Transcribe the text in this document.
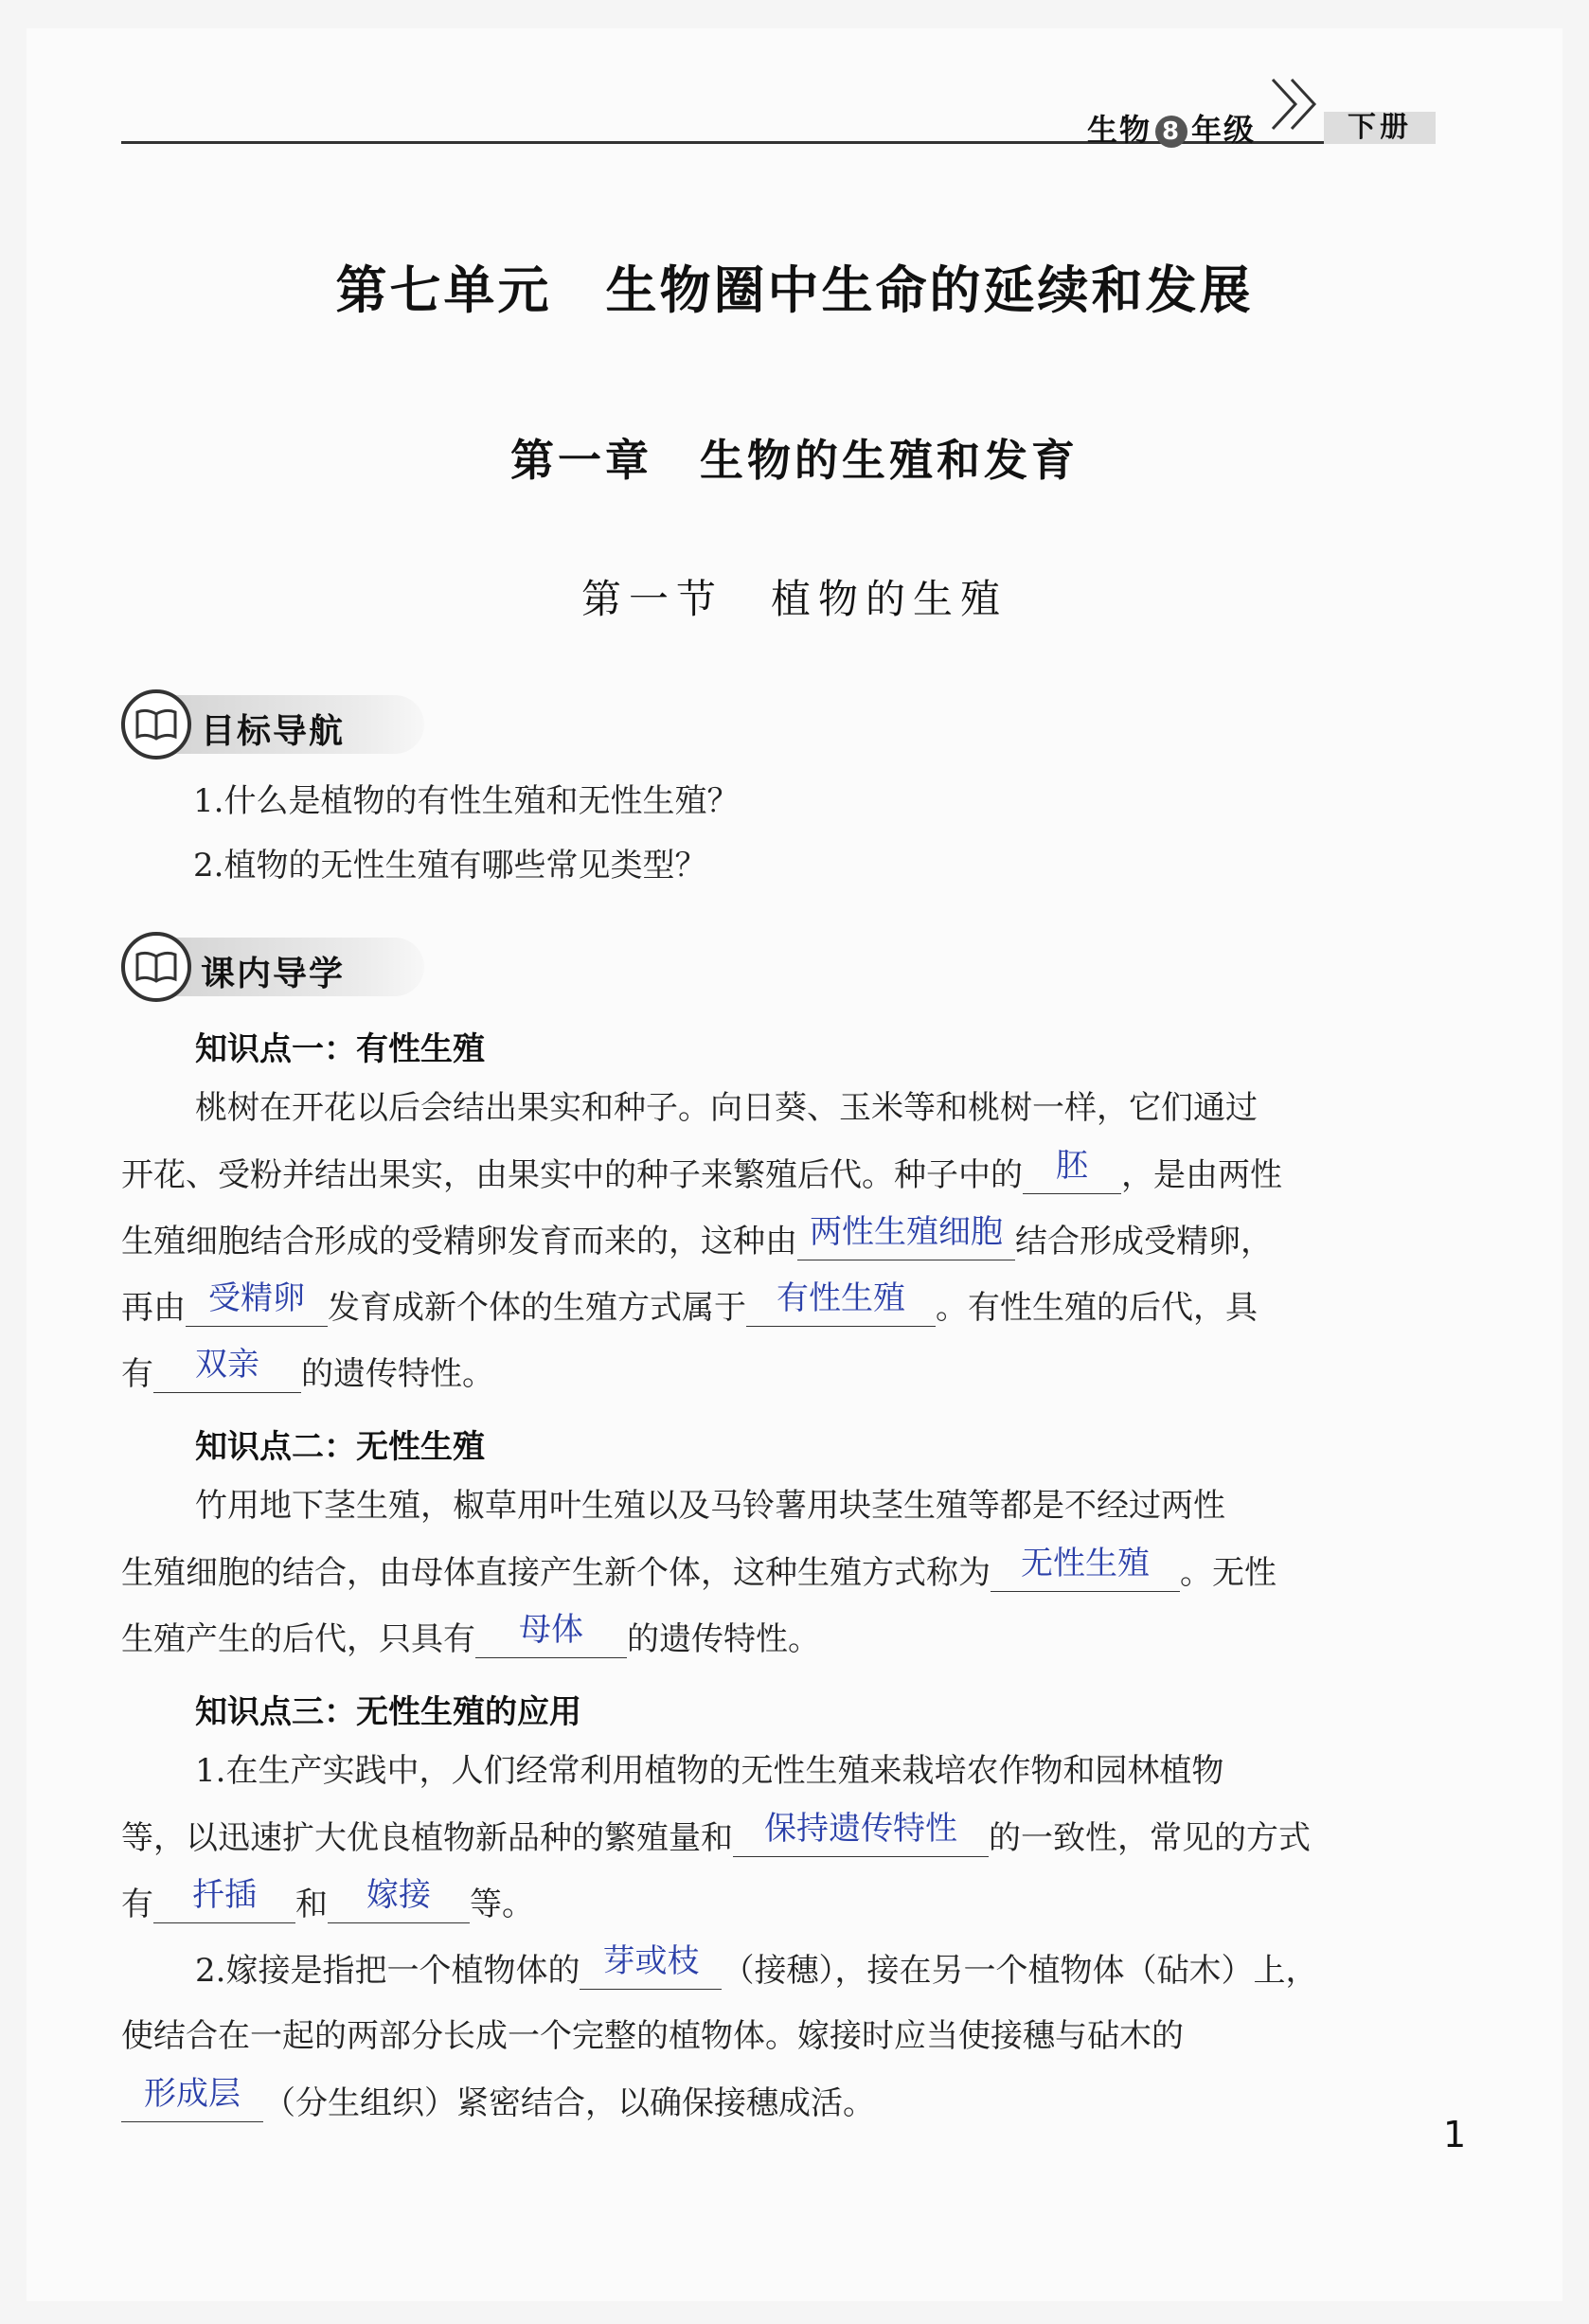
生物 8 年级	下册
第七单元　生物圈中生命的延续和发展
第一章　生物的生殖和发育
第一节　植物的生殖
目标导航
1.什么是植物的有性生殖和无性生殖？
2.植物的无性生殖有哪些常见类型？
课内导学
知识点一：有性生殖
桃树在开花以后会结出果实和种子。向日葵、玉米等和桃树一样，它们通过
开花、受粉并结出果实，由果实中的种子来繁殖后代。种子中的	胚	，是由两性
生殖细胞结合形成的受精卵发育而来的，这种由 两性生殖细胞 结合形成受精卵，
再由 受精卵 发育成新个体的生殖方式属于 有性生殖 。有性生殖的后代，具
有	双亲	的遗传特性。
知识点二：无性生殖
竹用地下茎生殖，椒草用叶生殖以及马铃薯用块茎生殖等都是不经过两性
生殖细胞的结合，由母体直接产生新个体，这种生殖方式称为 无性生殖 。无性
生殖产生的后代，只具有	母体	的遗传特性。
知识点三：无性生殖的应用
1.在生产实践中，人们经常利用植物的无性生殖来栽培农作物和园林植物
等，以迅速扩大优良植物新品种的繁殖量和 保持遗传特性 的一致性，常见的方式
有	扦插	和	嫁接	等。
2.嫁接是指把一个植物体的 芽或枝 （接穗），接在另一个植物体（砧木）上，
使结合在一起的两部分长成一个完整的植物体。嫁接时应当使接穗与砧木的
形成层 （分生组织）紧密结合，以确保接穗成活。
1
